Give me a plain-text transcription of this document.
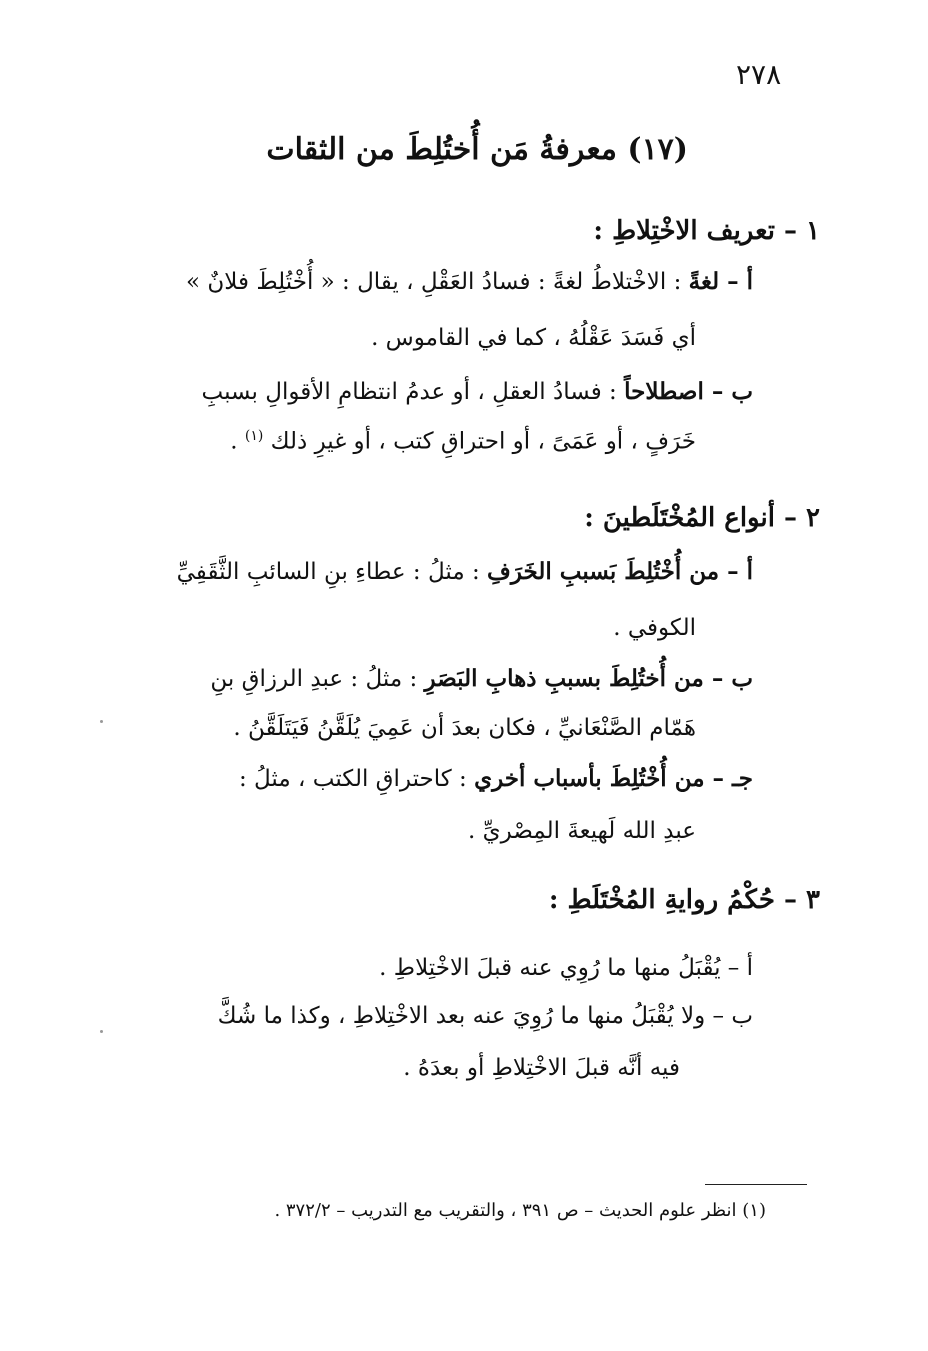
٢٧٨
(١٧) معرفةُ مَن أُختُلِطَ من الثقات
١ – تعريف الاخْتِلاطِ :
أ – لغةً : الاخْتلاطُ لغةً : فسادُ العَقْلِ ، يقال : « أُخْتُلِطَ فلانٌ »
أي فَسَدَ عَقْلُهُ ، كما في القاموس .
ب – اصطلاحاً : فسادُ العقلِ ، أو عدمُ انتظامِ الأقوالِ بسببِ
خَرَفٍ ، أو عَمَىً ، أو احتراقِ كتب ، أو غيرِ ذلك $^{(١)}$ .
٢ – أنواع المُخْتَلَطينَ :
أ – من أُخْتُلِطَ بَسببِ الخَرَفِ : مثلُ : عطاءِ بنِ السائبِ الثَّقَفِيِّ
الكوفي .
ب – من أُختُلِطَ بسببِ ذهابِ البَصَرِ : مثلُ : عبدِ الرزاقِ بنِ
هَمّام الصَّنْعَانيِّ ، فكان بعدَ أن عَمِيَ يُلَقَّنُ فَيَتَلَقَّنُ .
جـ – من أُخْتُلِطَ بأسباب أخري : كاحتراقِ الكتب ، مثلُ :
عبدِ الله لَهيعةَ المِصْريِّ .
٣ – حُكْمُ روايةِ المُخْتَلَطِ :
أ – يُقْبَلُ منها ما رُوِي عنه قبلَ الاخْتِلاطِ .
ب – ولا يُقْبَلُ منها ما رُوِيَ عنه بعد الاخْتِلاطِ ، وكذا ما شُكَّ
فيه أنَّه قبلَ الاخْتِلاطِ أو بعدَهُ .
(١) انظر علوم الحديث – ص ٣٩١ ، والتقريب مع التدريب – ٣٧٢/٢ .
